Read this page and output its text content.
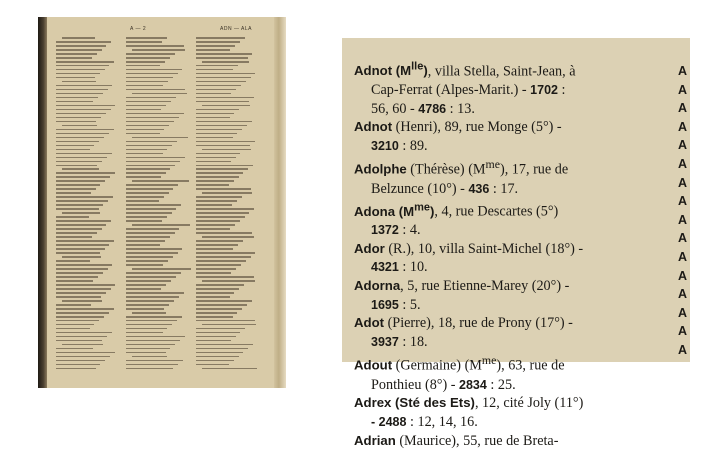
A — 2	ADN — ALA
Adnot $(M^{lle})$, villa Stella, Saint-Jean, à
Cap-Ferrat (Alpes-Marit.) - 1702 :
56, 60 - 4786 : 13.
Adnot (Henri), 89, rue Monge (5°) -
3210 : 89.
Adolphe (Thérèse) $(M^{me})$, 17, rue de
Belzunce (10°) - 436 : 17.
Adona $(M^{me})$, 4, rue Descartes (5°)
1372 : 4.
Ador (R.), 10, villa Saint-Michel (18°) -
4321 : 10.
Adorna, 5, rue Etienne-Marey (20°) -
1695 : 5.
Adot (Pierre), 18, rue de Prony (17°) -
3937 : 18.
Adout (Germaine) $(M^{me})$, 63, rue de
Ponthieu (8°) - 2834 : 25.
Adrex (Sté des Ets), 12, cité Joly (11°)
- 2488 : 12, 14, 16.
Adrian (Maurice), 55, rue de Breta-
A
A
A
A
A
A
A
A
A
A
A
A
A
A
A
A
